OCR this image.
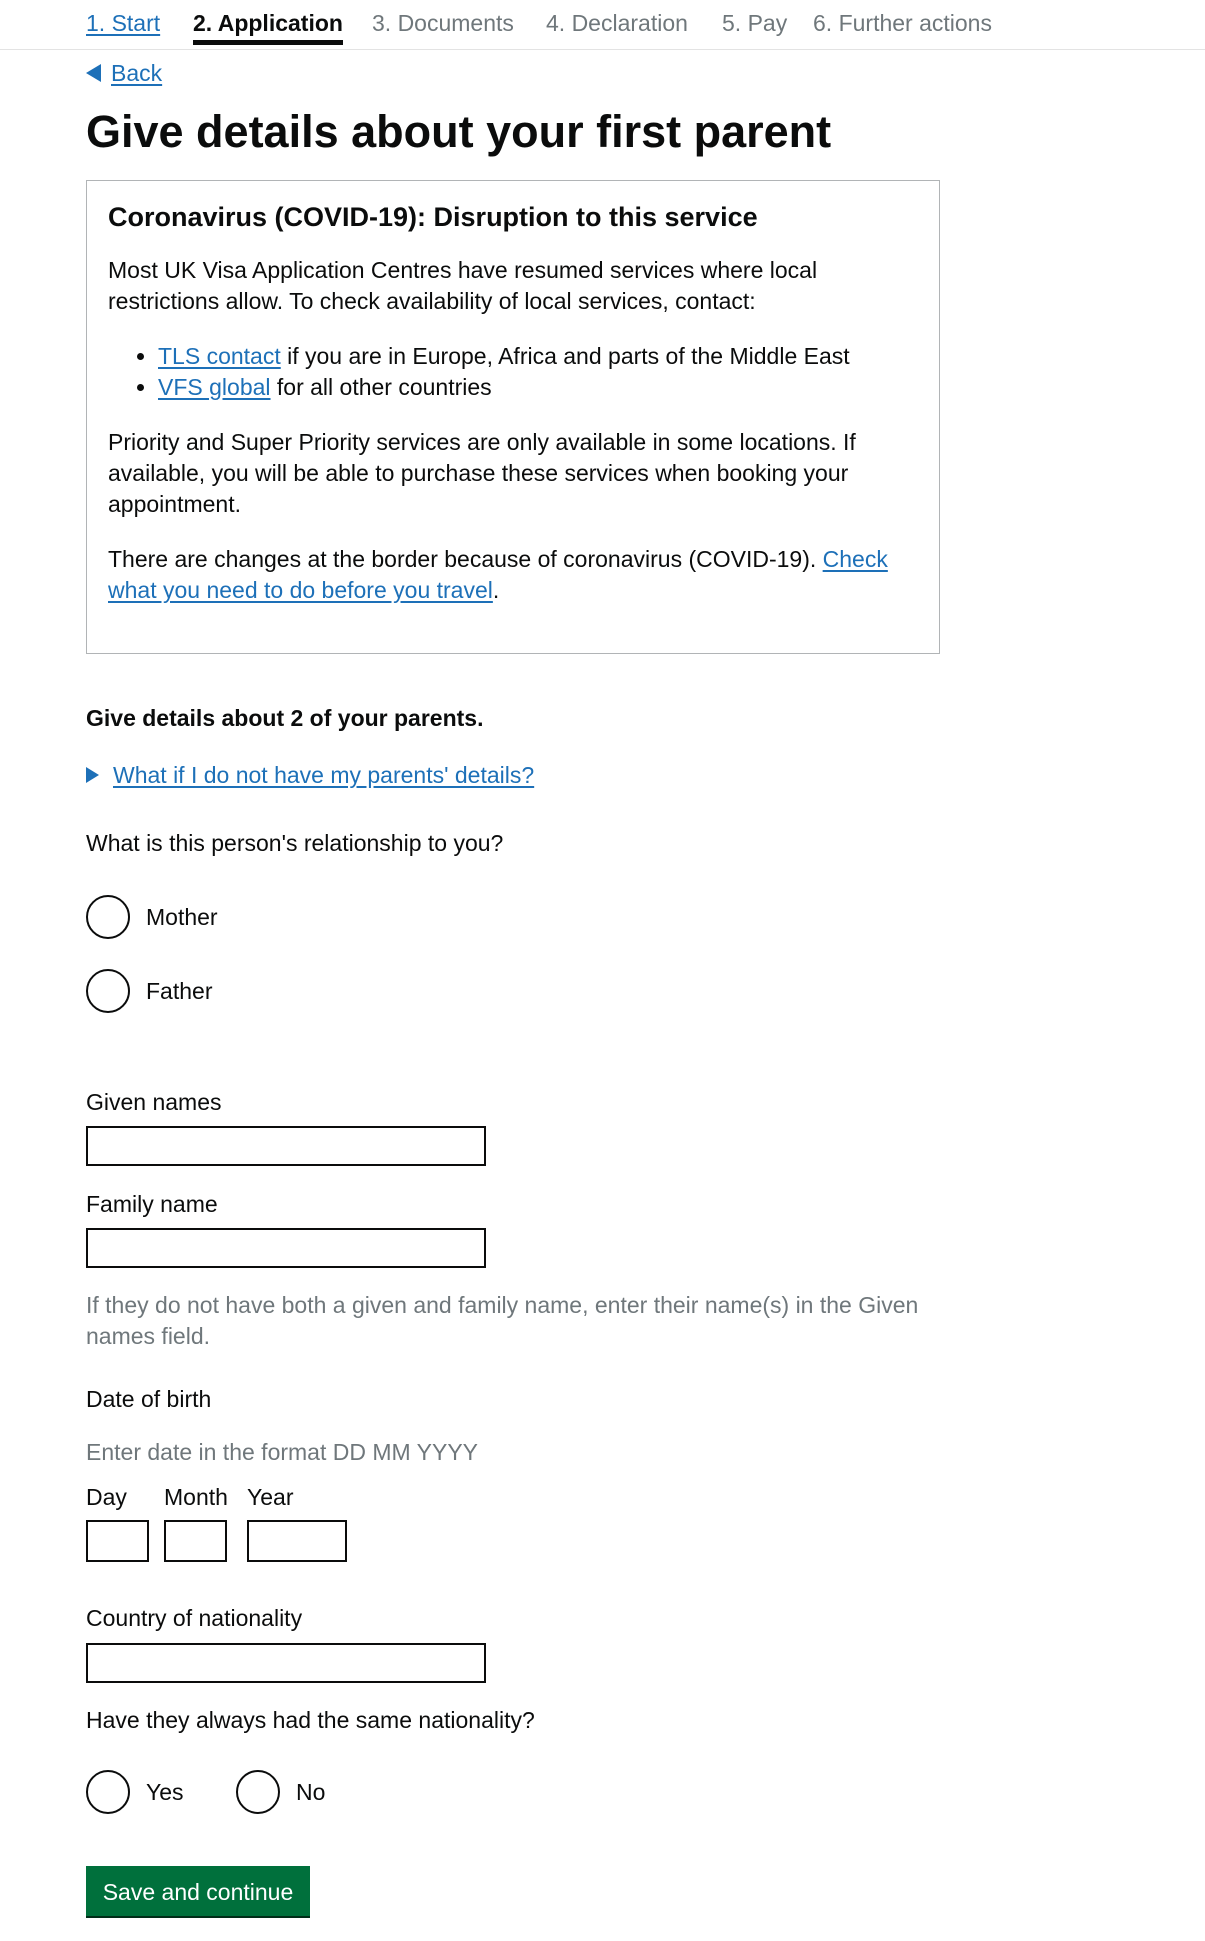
1. Start 2. Application 3. Documents 4. Declaration 5. Pay 6. Further actions
Back
Give details about your first parent
Coronavirus (COVID-19): Disruption to this service

Most UK Visa Application Centres have resumed services where local restrictions allow. To check availability of local services, contact:

• TLS contact if you are in Europe, Africa and parts of the Middle East
• VFS global for all other countries

Priority and Super Priority services are only available in some locations. If available, you will be able to purchase these services when booking your appointment.

There are changes at the border because of coronavirus (COVID-19). Check what you need to do before you travel.

Give details about 2 of your parents.
What if I do not have my parents' details?
What is this person's relationship to you?
Mother
Father
Given names
Family name
If they do not have both a given and family name, enter their name(s) in the Given names field.
Date of birth
Enter date in the format DD MM YYYY
Day Month Year
Country of nationality
Have they always had the same nationality?
Yes	No
Save and continue
